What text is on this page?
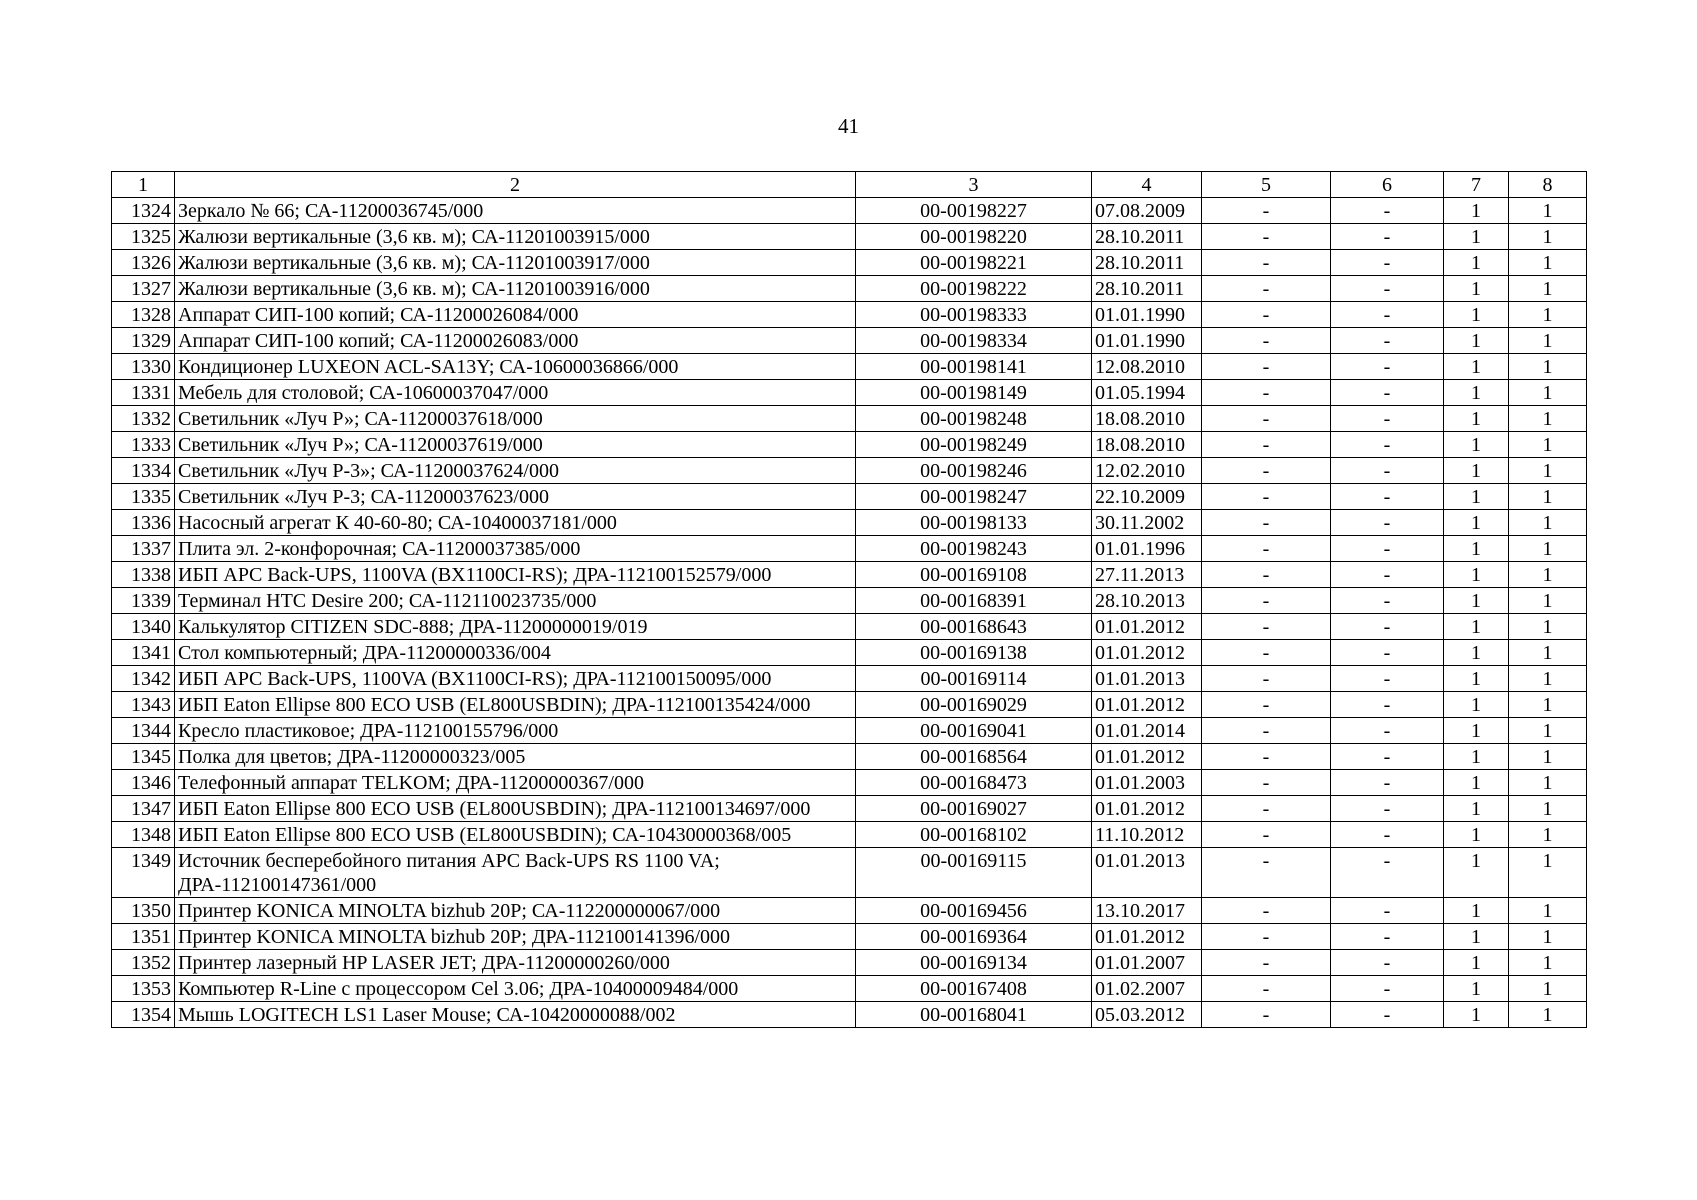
41
1	2	3	4	5	6	7	8
1324	Зеркало № 66; СА-11200036745/000	00-00198227	07.08.2009	-	-	1	1
1325	Жалюзи вертикальные (3,6 кв. м); СА-11201003915/000	00-00198220	28.10.2011	-	-	1	1
1326	Жалюзи вертикальные (3,6 кв. м); СА-11201003917/000	00-00198221	28.10.2011	-	-	1	1
1327	Жалюзи вертикальные (3,6 кв. м); СА-11201003916/000	00-00198222	28.10.2011	-	-	1	1
1328	Аппарат СИП-100 копий; СА-11200026084/000	00-00198333	01.01.1990	-	-	1	1
1329	Аппарат СИП-100 копий; СА-11200026083/000	00-00198334	01.01.1990	-	-	1	1
1330	Кондиционер LUXEON ACL-SA13Y; СА-10600036866/000	00-00198141	12.08.2010	-	-	1	1
1331	Мебель для столовой; СА-10600037047/000	00-00198149	01.05.1994	-	-	1	1
1332	Светильник «Луч Р»; СА-11200037618/000	00-00198248	18.08.2010	-	-	1	1
1333	Светильник «Луч Р»; СА-11200037619/000	00-00198249	18.08.2010	-	-	1	1
1334	Светильник «Луч Р-3»; СА-11200037624/000	00-00198246	12.02.2010	-	-	1	1
1335	Светильник «Луч Р-3; СА-11200037623/000	00-00198247	22.10.2009	-	-	1	1
1336	Насосный агрегат К 40-60-80; СА-10400037181/000	00-00198133	30.11.2002	-	-	1	1
1337	Плита эл. 2-конфорочная; СА-11200037385/000	00-00198243	01.01.1996	-	-	1	1
1338	ИБП APC Back-UPS, 1100VA (BX1100CI-RS); ДРА-112100152579/000	00-00169108	27.11.2013	-	-	1	1
1339	Терминал HTC Desire 200; СА-112110023735/000	00-00168391	28.10.2013	-	-	1	1
1340	Калькулятор CITIZEN SDC-888; ДРА-11200000019/019	00-00168643	01.01.2012	-	-	1	1
1341	Стол компьютерный; ДРА-11200000336/004	00-00169138	01.01.2012	-	-	1	1
1342	ИБП APC Back-UPS, 1100VA (BX1100CI-RS); ДРА-112100150095/000	00-00169114	01.01.2013	-	-	1	1
1343	ИБП Eaton Ellipse 800 ECO USB (EL800USBDIN); ДРА-112100135424/000	00-00169029	01.01.2012	-	-	1	1
1344	Кресло пластиковое; ДРА-112100155796/000	00-00169041	01.01.2014	-	-	1	1
1345	Полка для цветов; ДРА-11200000323/005	00-00168564	01.01.2012	-	-	1	1
1346	Телефонный аппарат TELKOM; ДРА-11200000367/000	00-00168473	01.01.2003	-	-	1	1
1347	ИБП Eaton Ellipse 800 ECO USB (EL800USBDIN); ДРА-112100134697/000	00-00169027	01.01.2012	-	-	1	1
1348	ИБП Eaton Ellipse 800 ECO USB (EL800USBDIN); СА-10430000368/005	00-00168102	11.10.2012	-	-	1	1
1349	Источник бесперебойного питания APC Back-UPS RS 1100 VA; ДРА-112100147361/000	00-00169115	01.01.2013	-	-	1	1
1350	Принтер KONICA MINOLTA bizhub 20P; СА-112200000067/000	00-00169456	13.10.2017	-	-	1	1
1351	Принтер KONICA MINOLTA bizhub 20P; ДРА-112100141396/000	00-00169364	01.01.2012	-	-	1	1
1352	Принтер лазерный HP LASER JET; ДРА-11200000260/000	00-00169134	01.01.2007	-	-	1	1
1353	Компьютер R-Line с процессором Cel 3.06; ДРА-10400009484/000	00-00167408	01.02.2007	-	-	1	1
1354	Мышь LOGITECH LS1 Laser Mouse; СА-10420000088/002	00-00168041	05.03.2012	-	-	1	1
